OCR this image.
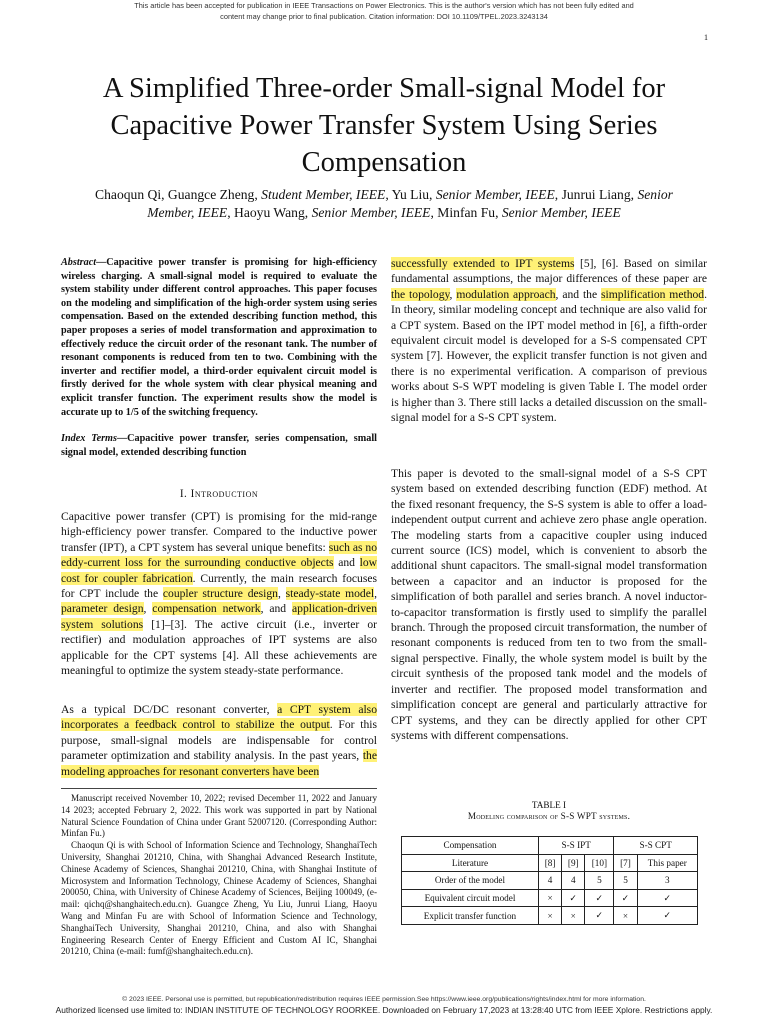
This article has been accepted for publication in IEEE Transactions on Power Electronics. This is the author's version which has not been fully edited and
content may change prior to final publication. Citation information: DOI 10.1109/TPEL.2023.3243134
1
A Simplified Three-order Small-signal Model for Capacitive Power Transfer System Using Series Compensation
Chaoqun Qi, Guangce Zheng, Student Member, IEEE, Yu Liu, Senior Member, IEEE, Junrui Liang, Senior Member, IEEE, Haoyu Wang, Senior Member, IEEE, Minfan Fu, Senior Member, IEEE
Abstract—Capacitive power transfer is promising for high-efficiency wireless charging. A small-signal model is required to evaluate the system stability under different control approaches. This paper focuses on the modeling and simplification of the high-order system using series compensation. Based on the extended describing function method, this paper proposes a series of model transformation and approximation to effectively reduce the circuit order of the resonant tank. The number of resonant components is reduced from ten to two. Combining with the inverter and rectifier model, a third-order equivalent circuit model is firstly derived for the whole system with clear physical meaning and explicit transfer function. The experiment results show the model is accurate up to 1/5 of the switching frequency.
Index Terms—Capacitive power transfer, series compensation, small signal model, extended describing function
I. Introduction
Capacitive power transfer (CPT) is promising for the mid-range high-efficiency power transfer. Compared to the inductive power transfer (IPT), a CPT system has several unique benefits: such as no eddy-current loss for the surrounding conductive objects and low cost for coupler fabrication. Currently, the main research focuses for CPT include the coupler structure design, steady-state model, parameter design, compensation network, and application-driven system solutions [1]–[3]. The active circuit (i.e., inverter or rectifier) and modulation approaches of IPT systems are also applicable for the CPT systems [4]. All these achievements are meaningful to optimize the system steady-state performance.
As a typical DC/DC resonant converter, a CPT system also incorporates a feedback control to stabilize the output. For this purpose, small-signal models are indispensable for control parameter optimization and stability analysis. In the past years, the modeling approaches for resonant converters have been

Manuscript received November 10, 2022; revised December 11, 2022 and January 14 2023; accepted February 2, 2022. This work was supported in part by National Natural Science Foundation of China under Grant 52007120. (Corresponding Author: Minfan Fu.)

Chaoqun Qi is with School of Information Science and Technology, ShanghaiTech University, Shanghai 201210, China, with Shanghai Advanced Research Institute, Chinese Academy of Sciences, Shanghai 201210, China, with Shanghai Institute of Microsystem and Information Technology, Chinese Academy of Sciences, Shanghai 200050, China, with University of Chinese Academy of Sciences, Beijing 100049, (e-mail: qichq@shanghaitech.edu.cn). Guangce Zheng, Yu Liu, Junrui Liang, Haoyu Wang and Minfan Fu are with School of Information Science and Technology, ShanghaiTech University, Shanghai 201210, China, and also with Shanghai Engineering Research Center of Energy Efficient and Custom AI IC, Shanghai 201210, China (e-mail: fumf@shanghaitech.edu.cn).

successfully extended to IPT systems [5], [6]. Based on similar fundamental assumptions, the major differences of these paper are the topology, modulation approach, and the simplification method. In theory, similar modeling concept and technique are also valid for a CPT system. Based on the IPT model method in [6], a fifth-order equivalent circuit model is developed for a S-S compensated CPT system [7]. However, the explicit transfer function is not given and there is no experimental verification. A comparison of previous works about S-S WPT modeling is given Table I. The model order is higher than 3. There still lacks a detailed discussion on the small-signal model for a S-S CPT system.
This paper is devoted to the small-signal model of a S-S CPT system based on extended describing function (EDF) method. At the fixed resonant frequency, the S-S system is able to offer a load-independent output current and achieve zero phase angle operation. The modeling starts from a capacitive coupler using induced current source (ICS) model, which is convenient to absorb the additional shunt capacitors. The small-signal model transformation between a capacitor and an inductor is proposed for the simplification of both parallel and series branch. A novel inductor-to-capacitor transformation is firstly used to simplify the parallel branch. Through the proposed circuit transformation, the number of resonant components is reduced from ten to two from the small-signal perspective. Finally, the whole system model is built by the circuit synthesis of the proposed tank model and the models of inverter and rectifier. The proposed model transformation and simplification concept are general and particularly attractive for CPT systems, and they can be directly applied for other CPT systems with different compensations.
TABLE I
Modeling comparison of S-S WPT systems.
Compensation	S-S IPT			S-S CPT	
Literature	[8]	[9]	[10]	[7]	This paper
Order of the model	4	4	5	5	3
Equivalent circuit model	×	✓	✓	✓	✓
Explicit transfer function	×	×	✓	×	✓
© 2023 IEEE. Personal use is permitted, but republication/redistribution requires IEEE permission.See https://www.ieee.org/publications/rights/index.html for more information.
Authorized licensed use limited to: INDIAN INSTITUTE OF TECHNOLOGY ROORKEE. Downloaded on February 17,2023 at 13:28:40 UTC from IEEE Xplore. Restrictions apply.
